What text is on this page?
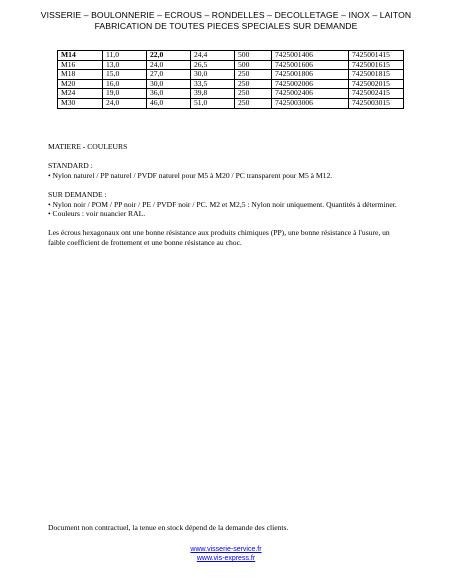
VISSERIE – BOULONNERIE – ECROUS – RONDELLES – DECOLLETAGE – INOX – LAITON
FABRICATION DE TOUTES PIECES SPECIALES SUR DEMANDE
M14	11,0	22,0	24,4	500	7425001406	7425001415
M16	13,0	24,0	26,5	500	7425001606	7425001615
M18	15,0	27,0	30,0	250	7425001806	7425001815
M20	16,0	30,0	33,5	250	7425002006	7425002015
M24	19,0	36,0	39,8	250	7425002406	7425002415
M30	24,0	46,0	51,0	250	7425003006	7425003015

MATIERE - COULEURS

STANDARD :

• Nylon naturel / PP naturel / PVDF naturel pour M5 à M20 / PC transparent pour M5 à M12.

SUR DEMANDE :

• Nylon noir / POM / PP noir / PE / PVDF noir / PC. M2 et M2,5 : Nylon noir uniquement. Quantités à déterminer.

• Couleurs : voir nuancier RAL.

Les écrous hexagonaux ont une bonne résistance aux produits chimiques (PP), une bonne résistance à l'usure, un faible coefficient de frottement et une bonne résistance au choc.

Document non contractuel, la tenue en stock dépend de la demande des clients.
www.visserie-service.fr
www.vis-express.fr
